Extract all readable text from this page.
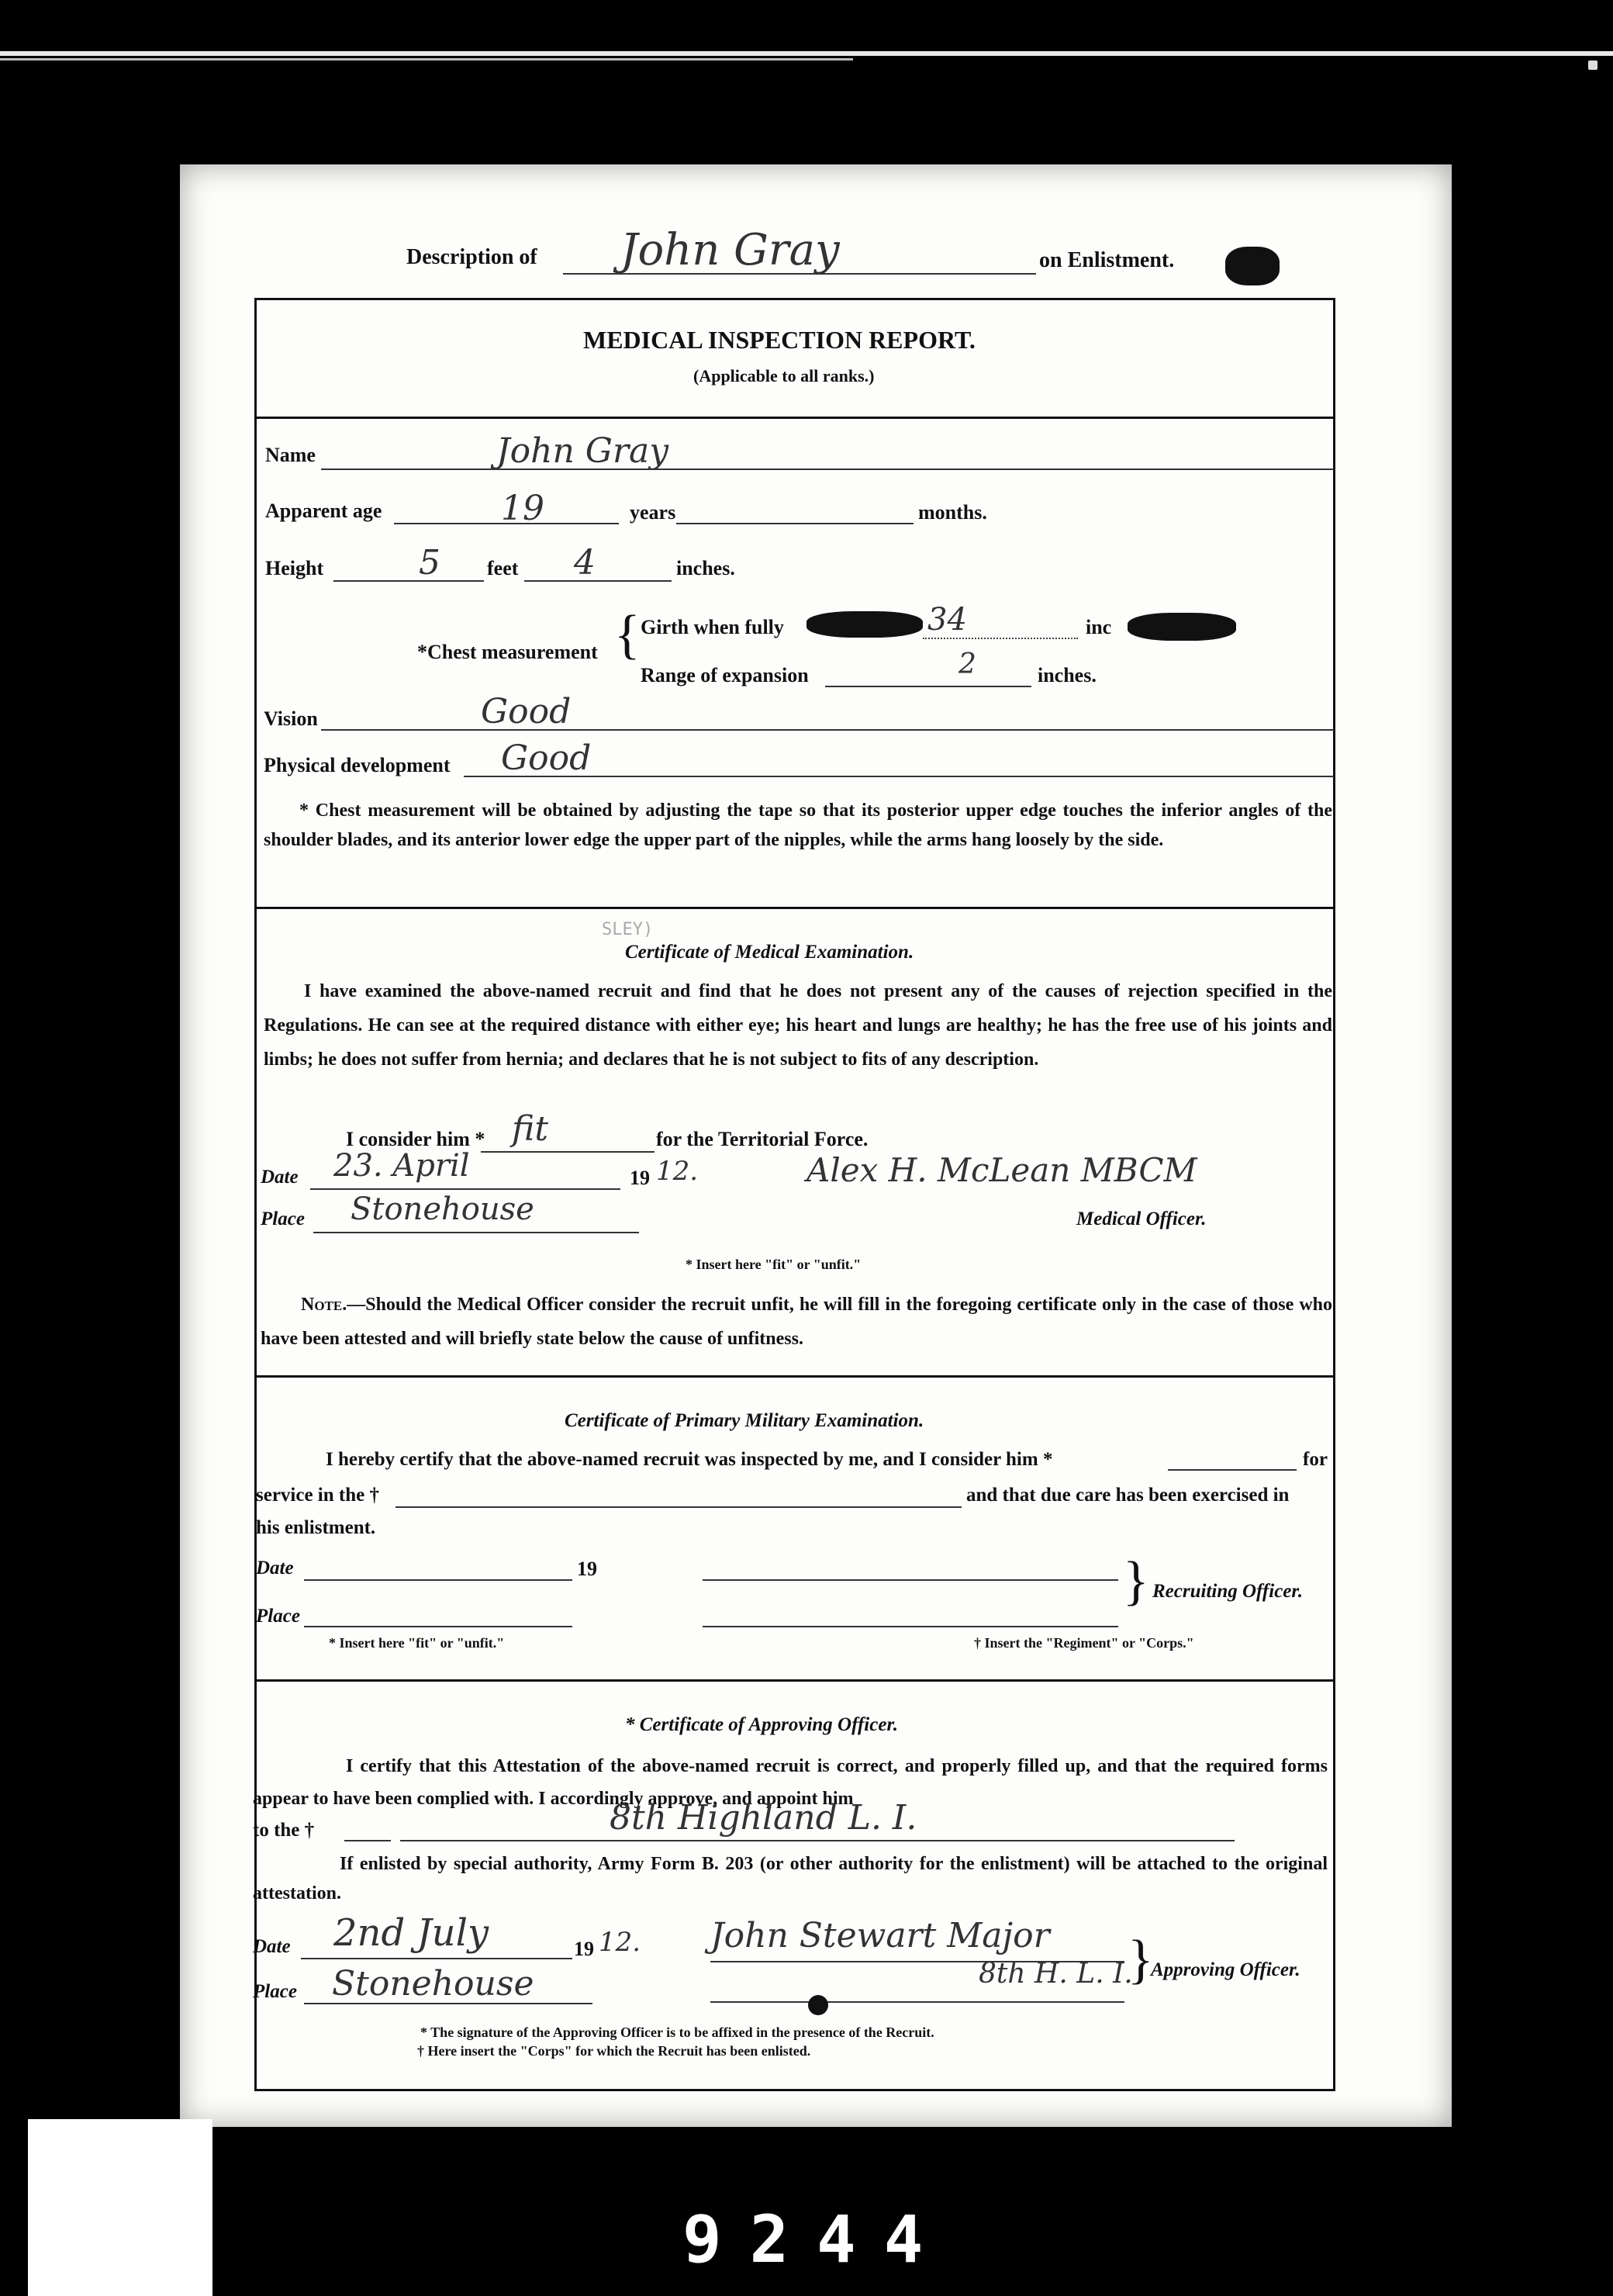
Description of John Gray	on Enlistment.
MEDICAL INSPECTION REPORT.
(Applicable to all ranks.)
Name	John Gray
Apparent age	19	years	months.
Height	5 feet 4	inches.
*Chest measurement { Girth when fully	34	inc
Range of expansion	2	inches.
Vision	Good
Physical development Good
* Chest measurement will be obtained by adjusting the tape so that its posterior upper edge touches the inferior angles of the shoulder blades, and its anterior lower edge the upper part of the nipples, while the arms hang loosely by the side.
SLEY)
Certificate of Medical Examination.
I have examined the above-named recruit and find that he does not present any of the causes of rejection specified in the Regulations. He can see at the required distance with either eye; his heart and lungs are healthy; he has the free use of his joints and limbs; he does not suffer from hernia; and declares that he is not subject to fits of any description.
I consider him * fit	for the Territorial Force.
Date 23. April	19 12.	Alex H. McLean MBCM
Medical Officer.
Place Stonehouse
* Insert here "fit" or "unfit."
Note.—Should the Medical Officer consider the recruit unfit, he will fill in the foregoing certificate only in the case of those who have been attested and will briefly state below the cause of unfitness.
Certificate of Primary Military Examination.
I hereby certify that the above-named recruit was inspected by me, and I consider him *	for
service in the †	and that due care has been exercised in
his enlistment.
Date	19
Place
{ Recruiting Officer.
* Insert here "fit" or "unfit."	† Insert the "Regiment" or "Corps."
* Certificate of Approving Officer.
I certify that this Attestation of the above-named recruit is correct, and properly filled up, and that the required forms appear to have been complied with. I accordingly approve, and appoint him
to the †	8th Highland L. I.
If enlisted by special authority, Army Form B. 203 (or other authority for the enlistment) will be attached to the original attestation.
Date 2nd July	19 12. John Stewart Major
8th H. L. I.
{
Approving Officer.
Place Stonehouse
* The signature of the Approving Officer is to be affixed in the presence of the Recruit.
† Here insert the "Corps" for which the Recruit has been enlisted.
9244
